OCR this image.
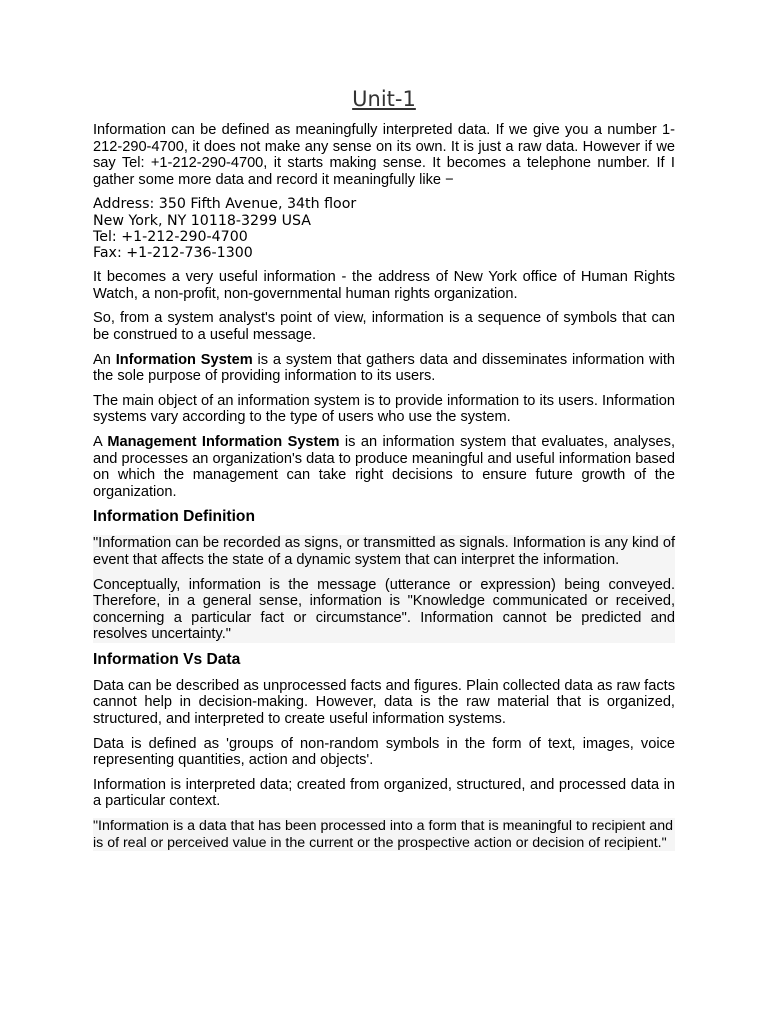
Unit-1

Information can be defined as meaningfully interpreted data. If we give you a number 1-212-290-4700, it does not make any sense on its own. It is just a raw data. However if we say Tel: +1-212-290-4700, it starts making sense. It becomes a telephone number. If I gather some more data and record it meaningfully like −

Address: 350 Fifth Avenue, 34th floor
New York, NY 10118-3299 USA
Tel: +1-212-290-4700
Fax: +1-212-736-1300

It becomes a very useful information - the address of New York office of Human Rights Watch, a non-profit, non-governmental human rights organization.

So, from a system analyst's point of view, information is a sequence of symbols that can be construed to a useful message.

An Information System is a system that gathers data and disseminates information with the sole purpose of providing information to its users.

The main object of an information system is to provide information to its users. Information systems vary according to the type of users who use the system.

A Management Information System is an information system that evaluates, analyses, and processes an organization's data to produce meaningful and useful information based on which the management can take right decisions to ensure future growth of the organization.

Information Definition

"Information can be recorded as signs, or transmitted as signals. Information is any kind of event that affects the state of a dynamic system that can interpret the information.

Conceptually, information is the message (utterance or expression) being conveyed. Therefore, in a general sense, information is "Knowledge communicated or received, concerning a particular fact or circumstance". Information cannot be predicted and resolves uncertainty."

Information Vs Data

Data can be described as unprocessed facts and figures. Plain collected data as raw facts cannot help in decision-making. However, data is the raw material that is organized, structured, and interpreted to create useful information systems.

Data is defined as 'groups of non-random symbols in the form of text, images, voice representing quantities, action and objects'.

Information is interpreted data; created from organized, structured, and processed data in a particular context.

"Information is a data that has been processed into a form that is meaningful to recipient and is of real or perceived value in the current or the prospective action or decision of recipient."
